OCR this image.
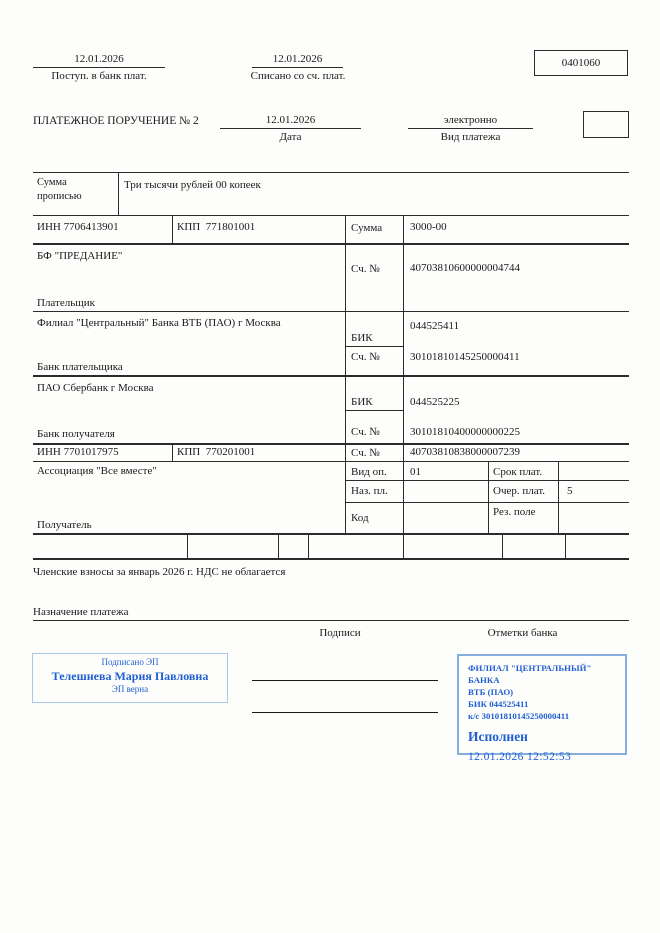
12.01.2026
Поступ. в банк плат.
12.01.2026
Списано со сч. плат.
0401060
ПЛАТЕЖНОЕ ПОРУЧЕНИЕ № 2	12.01.2026
Дата
электронно
Вид платежа
Сумма
прописью
Три тысячи рублей 00 копеек
ИНН 7706413901	КПП  771801001	Сумма	3000-00
БФ "ПРЕДАНИЕ"
Плательщик
Сч. №	40703810600000004744
Филиал "Центральный" Банка ВТБ (ПАО) г Москва
Банк плательщика
БИК
044525411
Сч. №	30101810145250000411
ПАО Сбербанк г Москва
Банк получателя
БИК	044525225
Сч. №	30101810400000000225
ИНН 7701017975	КПП  770201001	Сч. №	40703810838000007239
Ассоциация "Все вместе"
Получатель
Вид оп. 01	Срок плат.
Наз. пл.	Очер. плат. 5
Код	Рез. поле
Членские взносы за январь 2026 г. НДС не облагается
Назначение платежа
Подписи	Отметки банка
Подписано ЭП
Телешнева Мария Павловна
ЭП верна
ФИЛИАЛ "ЦЕНТРАЛЬНЫЙ" БАНКА
ВТБ (ПАО)
БИК 044525411
к/с 30101810145250000411
Исполнен
12.01.2026 12:52:53
